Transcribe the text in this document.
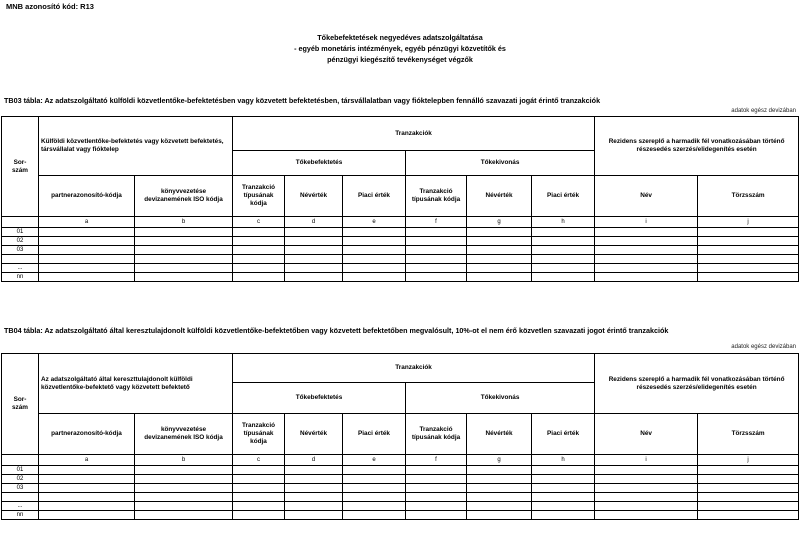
MNB azonosító kód: R13
Tőkebefektetések negyedéves adatszolgáltatása
- egyéb monetáris intézmények, egyéb pénzügyi közvetítők és
pénzügyi kiegészítő tevékenységet végzők
TB03 tábla: Az adatszolgáltató külföldi közvetlentőke-befektetésben vagy közvetett befektetésben, társvállalatban vagy fióktelepben fennálló szavazati jogát érintő tranzakciók
adatok egész devizában
Sor-
szám	Külföldi közvetlentőke-befektetés vagy közvetett befektetés, társvállalat vagy fióktelep		Tranzakciók						Rezidens szereplő a harmadik fél vonatkozásában történő részesedés szerzés/elidegenítés esetén	
			Tőkebefektetés			Tőkekivonás				
	partnerazonosító-kódja	könyvvezetése devizanemének ISO kódja	Tranzakció típusának kódja	Névérték	Piaci érték	Tranzakció típusának kódja	Névérték	Piaci érték	Név	Törzsszám
	a	b	c	d	e	f	g	h	i	j
01										
02										
03										

...										
nn										
TB04 tábla: Az adatszolgáltató által keresztulajdonolt külföldi közvetlentőke-befektetőben vagy közvetett befektetőben megvalósult, 10%-ot el nem érő közvetlen szavazati jogot érintő tranzakciók
adatok egész devizában
Sor-
szám	Az adatszolgáltató által kereszttulajdonolt külföldi közvetlentőke-befektető vagy közvetett befektető		Tranzakciók						Rezidens szereplő a harmadik fél vonatkozásában történő részesedés szerzés/elidegenítés esetén	
			Tőkebefektetés			Tőkekivonás				
	partnerazonosító-kódja	könyvvezetése devizanemének ISO kódja	Tranzakció típusának kódja	Névérték	Piaci érték	Tranzakció típusának kódja	Névérték	Piaci érték	Név	Törzsszám
	a	b	c	d	e	f	g	h	i	j
01										
02										
03										

...										
nn										
